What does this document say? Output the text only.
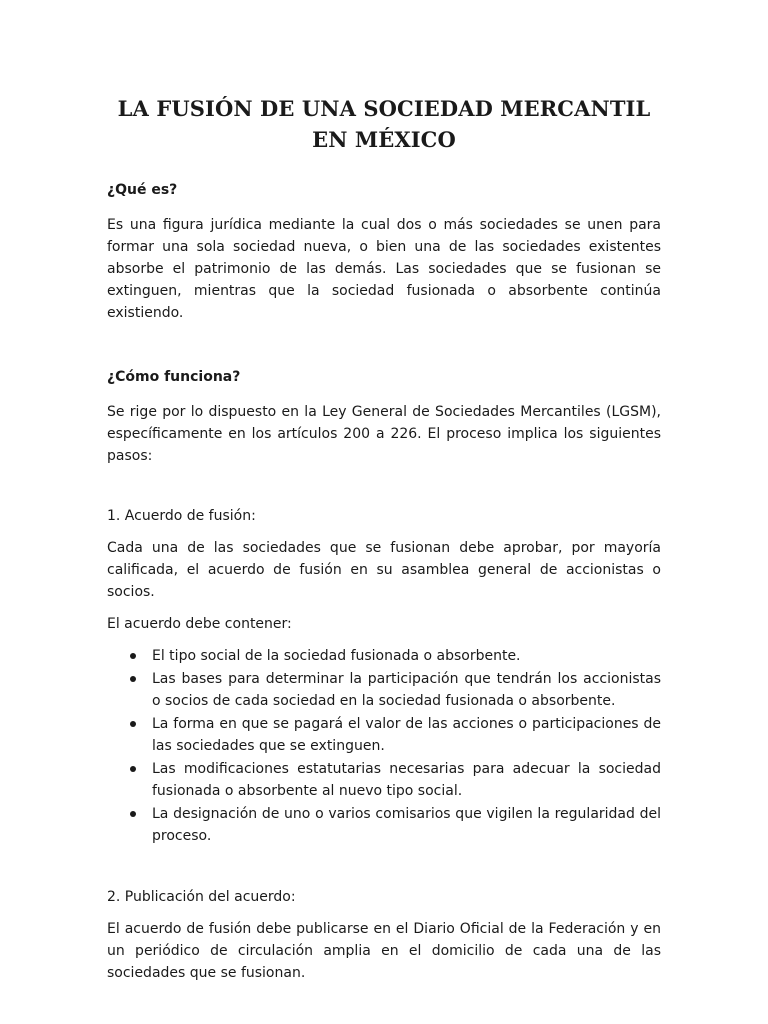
LA FUSIÓN DE UNA SOCIEDAD MERCANTIL EN MÉXICO

¿Qué es?

Es una figura jurídica mediante la cual dos o más sociedades se unen para formar una sola sociedad nueva, o bien una de las sociedades existentes absorbe el patrimonio de las demás. Las sociedades que se fusionan se extinguen, mientras que la sociedad fusionada o absorbente continúa existiendo.

¿Cómo funciona?

Se rige por lo dispuesto en la Ley General de Sociedades Mercantiles (LGSM), específicamente en los artículos 200 a 226. El proceso implica los siguientes pasos:

1. Acuerdo de fusión:

Cada una de las sociedades que se fusionan debe aprobar, por mayoría calificada, el acuerdo de fusión en su asamblea general de accionistas o socios.

El acuerdo debe contener:

El tipo social de la sociedad fusionada o absorbente.
Las bases para determinar la participación que tendrán los accionistas o socios de cada sociedad en la sociedad fusionada o absorbente.
La forma en que se pagará el valor de las acciones o participaciones de las sociedades que se extinguen.
Las modificaciones estatutarias necesarias para adecuar la sociedad fusionada o absorbente al nuevo tipo social.
La designación de uno o varios comisarios que vigilen la regularidad del proceso.

2. Publicación del acuerdo:

El acuerdo de fusión debe publicarse en el Diario Oficial de la Federación y en un periódico de circulación amplia en el domicilio de cada una de las sociedades que se fusionan.
